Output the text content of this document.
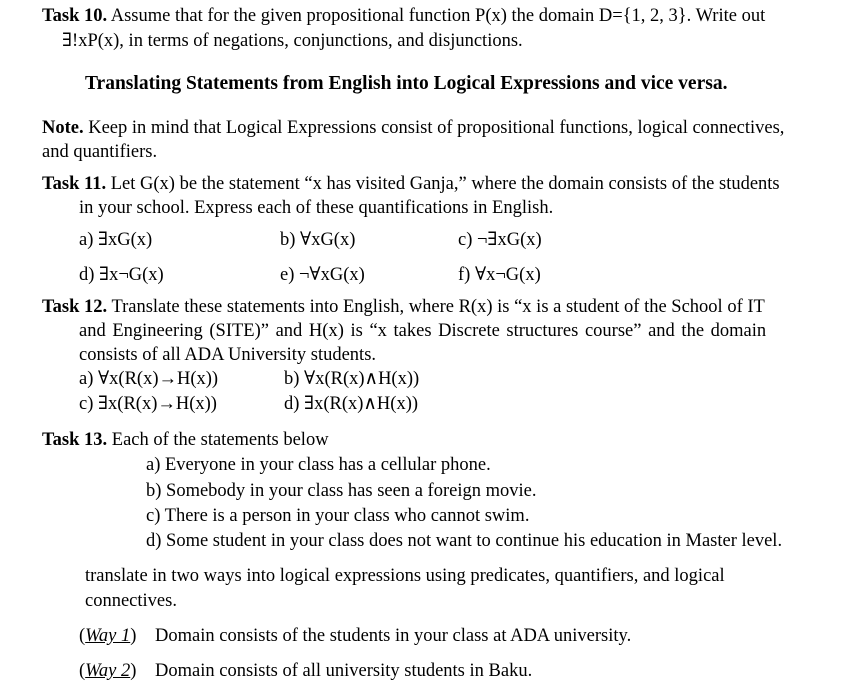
Task 10. Assume that for the given propositional function P(x) the domain D={1, 2, 3}. Write out
∃!xP(x), in terms of negations, conjunctions, and disjunctions.
Translating Statements from English into Logical Expressions and vice versa.
Note. Keep in mind that Logical Expressions consist of propositional functions, logical connectives,
and quantifiers.
Task 11. Let G(x) be the statement “x has visited Ganja,” where the domain consists of the students
in your school. Express each of these quantifications in English.
a) ∃xG(x)	b) ∀xG(x)	c) ¬∃xG(x)
d) ∃x¬G(x)	e) ¬∀xG(x)	f) ∀x¬G(x)
Task 12. Translate these statements into English, where R(x) is “x is a student of the School of IT
and Engineering (SITE)” and H(x) is “x takes Discrete structures course” and the domain
consists of all ADA University students.
a) ∀x(R(x)→H(x))	b) ∀x(R(x)∧H(x))
c) ∃x(R(x)→H(x))	d) ∃x(R(x)∧H(x))
Task 13. Each of the statements below
a) Everyone in your class has a cellular phone.
b) Somebody in your class has seen a foreign movie.
c) There is a person in your class who cannot swim.
d) Some student in your class does not want to continue his education in Master level.
translate in two ways into logical expressions using predicates, quantifiers, and logical
connectives.
(Way 1) Domain consists of the students in your class at ADA university.
(Way 2) Domain consists of all university students in Baku.
